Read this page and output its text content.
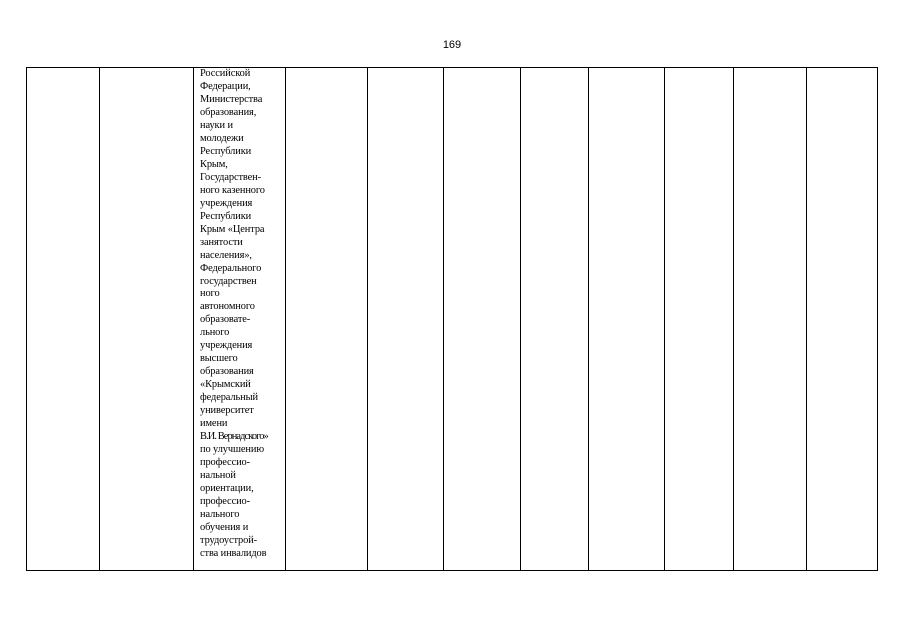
169
Российской
Федерации,
Министерства
образования,
науки и
молодежи
Республики
Крым,
Государствен-
ного казенного
учреждения
Республики
Крым «Центра
занятости
населения»,
Федерального
государствен
ного
автономного
образовате-
льного
учреждения
высшего
образования
«Крымский
федеральный
университет
имени
В.И. Вернадского»
по улучшению
профессио-
нальной
ориентации,
профессио-
нального
обучения и
трудоустрой-
ства инвалидов
